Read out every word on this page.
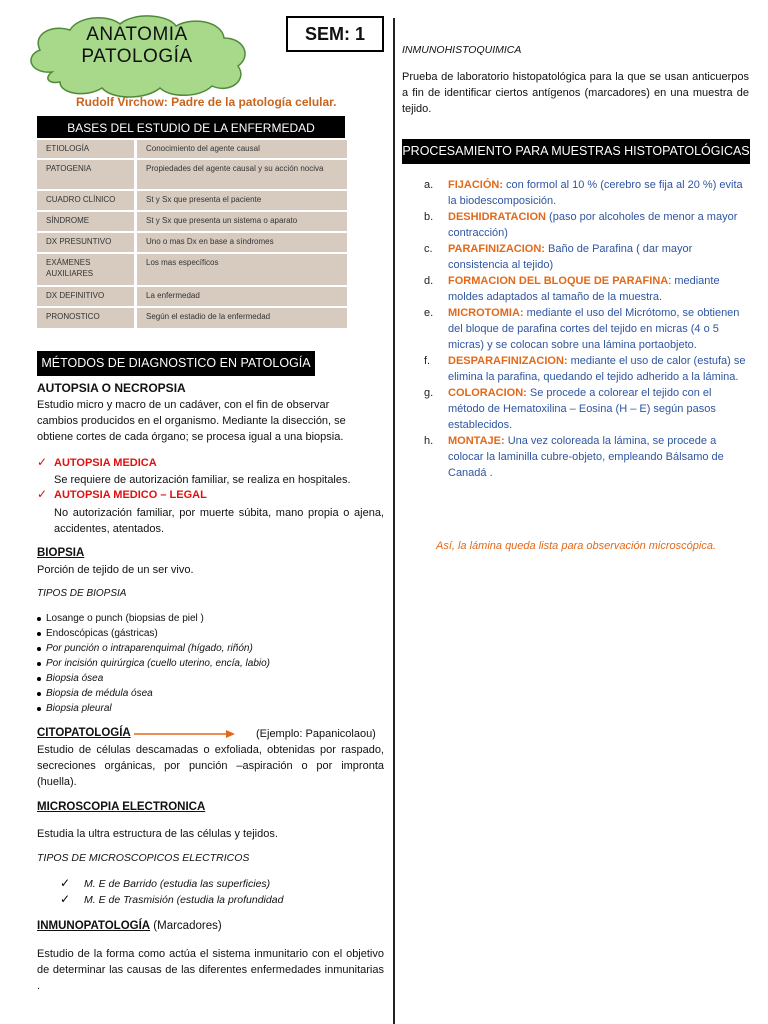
ANATOMIA
PATOLOGÍA
SEM: 1
Rudolf Virchow: Padre de la patología celular.
BASES DEL ESTUDIO DE LA ENFERMEDAD
ETIOLOGÍA	Conocimiento del agente causal
PATOGENIA	Propiedades del agente causal y su acción nociva
CUADRO CLÍNICO	St y Sx que presenta el paciente
SÍNDROME	St y Sx que presenta un sistema o aparato
DX PRESUNTIVO	Uno o mas Dx en base a síndromes
EXÁMENES AUXILIARES	Los mas específicos
DX DEFINITIVO	La enfermedad
PRONOSTICO	Según el estadio de la enfermedad
MÉTODOS DE DIAGNOSTICO EN PATOLOGÍA
AUTOPSIA O NECROPSIA
Estudio micro y macro de un cadáver, con el fin de observar cambios producidos en el organismo. Mediante la disección, se obtiene cortes de cada órgano; se procesa igual a una biopsia.
✓ AUTOPSIA MEDICA
Se requiere de autorización familiar, se realiza en hospitales.
✓ AUTOPSIA MEDICO – LEGAL
No autorización familiar, por muerte súbita, mano propia o ajena, accidentes, atentados.
BIOPSIA
Porción de tejido de un ser vivo.
TIPOS DE BIOPSIA
Losange o punch (biopsias de piel )
Endoscópicas (gástricas)
Por punción o intraparenquimal (hígado, riñón)
Por incisión quirúrgica (cuello uterino, encía, labio)
Biopsia ósea
Biopsia de médula ósea
Biopsia pleural
CITOPATOLOGÍA	(Ejemplo: Papanicolaou)
Estudio de células descamadas o exfoliada, obtenidas por raspado, secreciones orgánicas, por punción –aspiración o por impronta (huella).
MICROSCOPIA ELECTRONICA
Estudia la ultra estructura de las células y tejidos.
TIPOS DE MICROSCOPICOS ELECTRICOS
✓ M. E de Barrido (estudia las superficies)
✓ M. E de Trasmisión (estudia la profundidad
INMUNOPATOLOGÍA (Marcadores)
Estudio de la forma como actúa el sistema inmunitario con el objetivo de determinar las causas de las diferentes enfermedades inmunitarias .
INMUNOHISTOQUIMICA
Prueba de laboratorio histopatológica para la que se usan anticuerpos a fin de identificar ciertos antígenos (marcadores) en una muestra de tejido.
PROCESAMIENTO PARA MUESTRAS HISTOPATOLÓGICAS
a.	FIJACIÓN: con formol al 10 % (cerebro se fija al 20 %) evita la biodescomposición.
b.	DESHIDRATACION (paso por alcoholes de menor a mayor contracción)
c.	PARAFINIZACION: Baño de Parafina ( dar mayor consistencia al tejido)
d.	FORMACION DEL BLOQUE DE PARAFINA: mediante moldes adaptados al tamaño de la muestra.
e.	MICROTOMIA: mediante el uso del Micrótomo, se obtienen del bloque de parafina cortes del tejido en micras (4 o 5 micras) y se colocan sobre una lámina portaobjeto.
f.	DESPARAFINIZACION: mediante el uso de calor (estufa) se elimina la parafina, quedando el tejido adherido a la lámina.
g.	COLORACION: Se procede a colorear el tejido con el método de Hematoxilina – Eosina (H – E) según pasos establecidos.
h.	MONTAJE: Una vez coloreada la lámina, se procede a colocar la laminilla cubre-objeto, empleando Bálsamo de Canadá .
Así, la lámina queda lista para observación microscópica.
